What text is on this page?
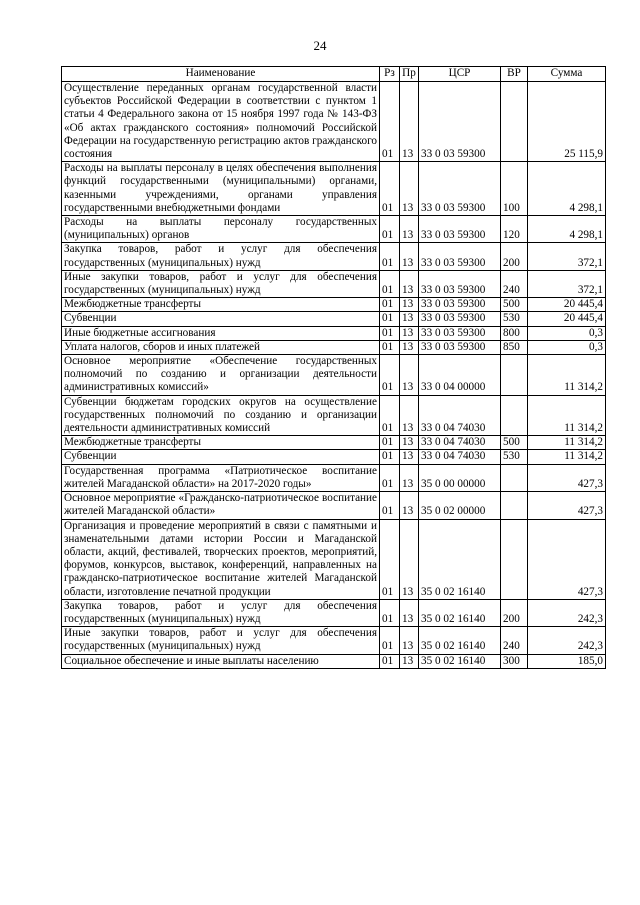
24
Наименование	Рз	Пр	ЦСР	ВР	Сумма
Осуществление переданных органам государственной власти субъектов Российской Федерации в соответствии с пунктом 1 статьи 4 Федерального закона от 15 ноября 1997 года № 143-ФЗ «Об актах гражданского состояния» полномочий Российской Федерации на государственную регистрацию актов гражданского состояния	01	13	33 0 03 59300		25 115,9
Расходы на выплаты персоналу в целях обеспечения выполнения функций государственными (муниципальными) органами, казенными учреждениями, органами управления государственными внебюджетными фондами	01	13	33 0 03 59300	100	4 298,1
Расходы на выплаты персоналу государственных (муниципальных) органов	01	13	33 0 03 59300	120	4 298,1
Закупка товаров, работ и услуг для обеспечения государственных (муниципальных) нужд	01	13	33 0 03 59300	200	372,1
Иные закупки товаров, работ и услуг для обеспечения государственных (муниципальных) нужд	01	13	33 0 03 59300	240	372,1
Межбюджетные трансферты	01	13	33 0 03 59300	500	20 445,4
Субвенции	01	13	33 0 03 59300	530	20 445,4
Иные бюджетные ассигнования	01	13	33 0 03 59300	800	0,3
Уплата налогов, сборов и иных платежей	01	13	33 0 03 59300	850	0,3
Основное мероприятие «Обеспечение государственных полномочий по созданию и организации деятельности административных комиссий»	01	13	33 0 04 00000		11 314,2
Субвенции бюджетам городских округов на осуществление государственных полномочий по созданию и организации деятельности административных комиссий	01	13	33 0 04 74030		11 314,2
Межбюджетные трансферты	01	13	33 0 04 74030	500	11 314,2
Субвенции	01	13	33 0 04 74030	530	11 314,2
Государственная программа «Патриотическое воспитание жителей Магаданской области» на 2017-2020 годы»	01	13	35 0 00 00000		427,3
Основное мероприятие «Гражданско-патриотическое воспитание жителей Магаданской области»	01	13	35 0 02 00000		427,3
Организация и проведение мероприятий в связи с памятными и знаменательными датами истории России и Магаданской области, акций, фестивалей, творческих проектов, мероприятий, форумов, конкурсов, выставок, конференций, направленных на гражданско-патриотическое воспитание жителей Магаданской области, изготовление печатной продукции	01	13	35 0 02 16140		427,3
Закупка товаров, работ и услуг для обеспечения государственных (муниципальных) нужд	01	13	35 0 02 16140	200	242,3
Иные закупки товаров, работ и услуг для обеспечения государственных (муниципальных) нужд	01	13	35 0 02 16140	240	242,3
Социальное обеспечение и иные выплаты населению	01	13	35 0 02 16140	300	185,0
